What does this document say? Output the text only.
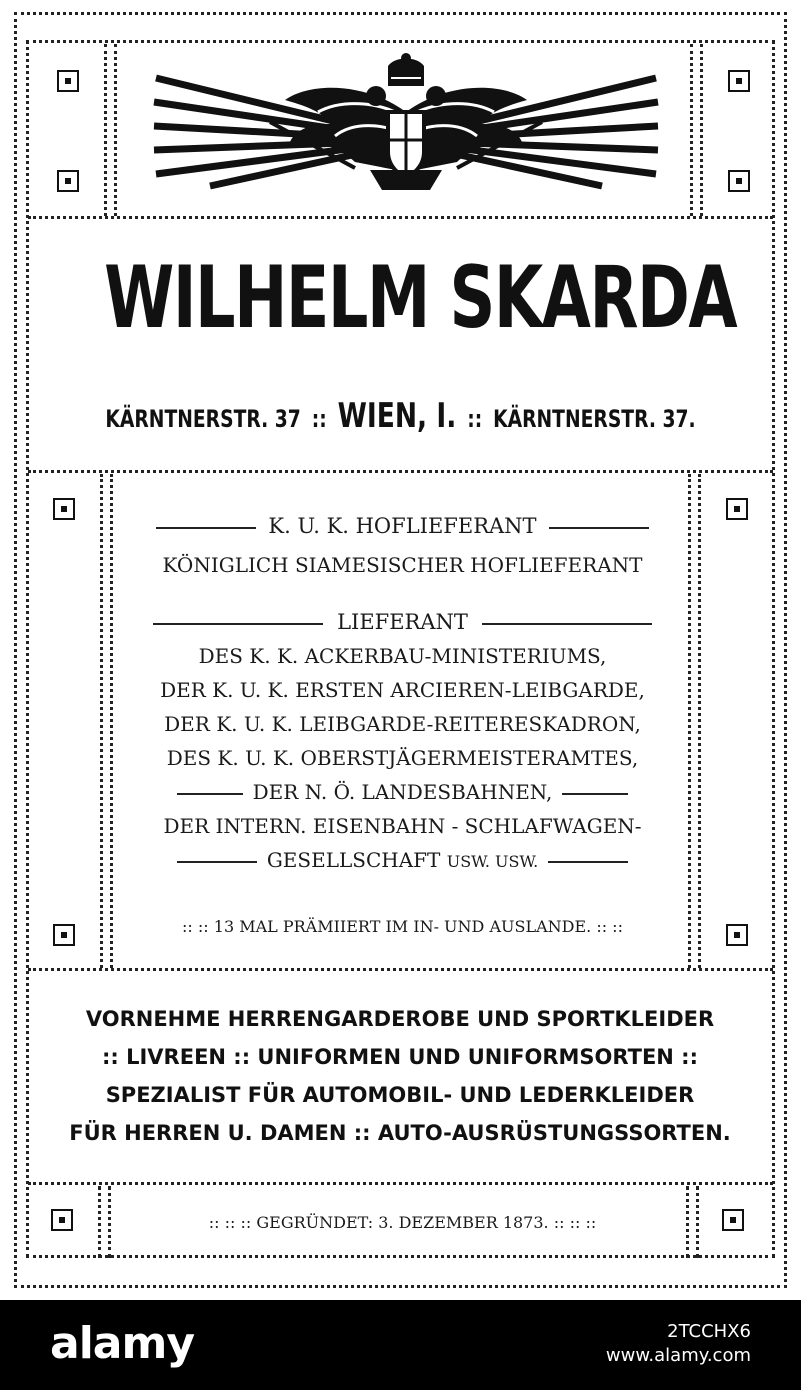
WILHELM SKARDA
KÄRNTNERSTR. 37 :: WIEN, I. :: KÄRNTNERSTR. 37.
K. U. K. HOFLIEFERANT
KÖNIGLICH SIAMESISCHER HOFLIEFERANT
LIEFERANT
DES K. K. ACKERBAU-MINISTERIUMS,
DER K. U. K. ERSTEN ARCIEREN-LEIBGARDE,
DER K. U. K. LEIBGARDE-REITERESKADRON,
DES K. U. K. OBERSTJÄGERMEISTERAMTES,
DER N. Ö. LANDESBAHNEN,
DER INTERN. EISENBAHN - SCHLAFWAGEN-
GESELLSCHAFT USW. USW.
:: :: 13 MAL PRÄMIIERT IM IN- UND AUSLANDE. :: ::
VORNEHME HERRENGARDEROBE UND SPORTKLEIDER
:: LIVREEN :: UNIFORMEN UND UNIFORMSORTEN ::
SPEZIALIST FÜR AUTOMOBIL- UND LEDERKLEIDER
FÜR HERREN U. DAMEN :: AUTO-AUSRÜSTUNGSSORTEN.
:: :: :: GEGRÜNDET: 3. DEZEMBER 1873. :: :: ::
alamy	2TCCHX6
www.alamy.com
